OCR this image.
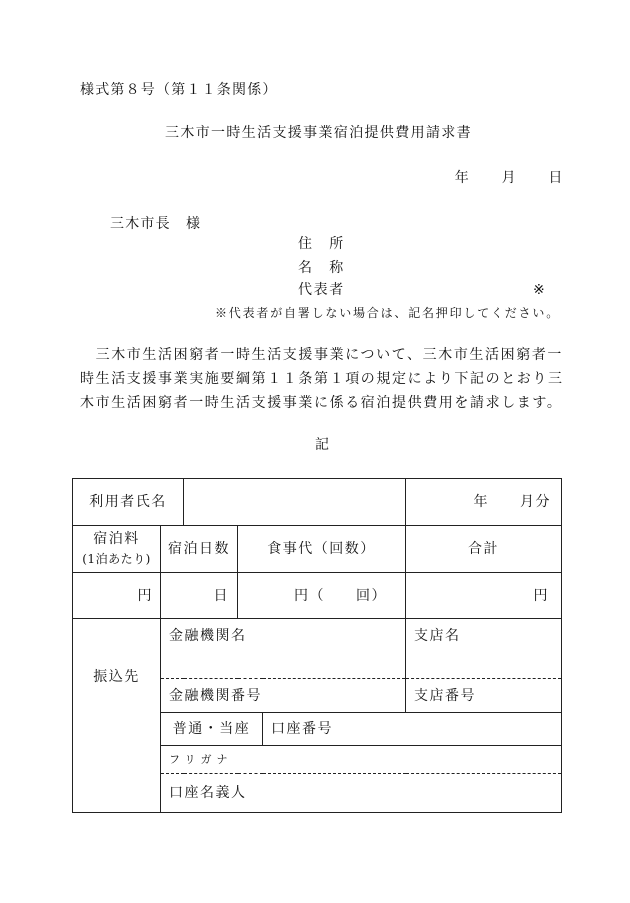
様式第８号（第１１条関係）
三木市一時生活支援事業宿泊提供費用請求書
年　　月　　日
三木市長　様
住　所
名　称
代表者	※
※代表者が自署しない場合は、記名押印してください。
三木市生活困窮者一時生活支援事業について、三木市生活困窮者一
時生活支援事業実施要綱第１１条第１項の規定により下記のとおり三
木市生活困窮者一時生活支援事業に係る宿泊提供費用を請求します。
記
利用者氏名					年　　月分

宿泊料
(1泊あたり)	宿泊日数		食事代（回数）		合計
円	日		円（　　回）		円
振込先	金融機関名				支店名
	金融機関番号				支店番号
	普通・当座			口座番号	
	フリガナ				
	口座名義人				
